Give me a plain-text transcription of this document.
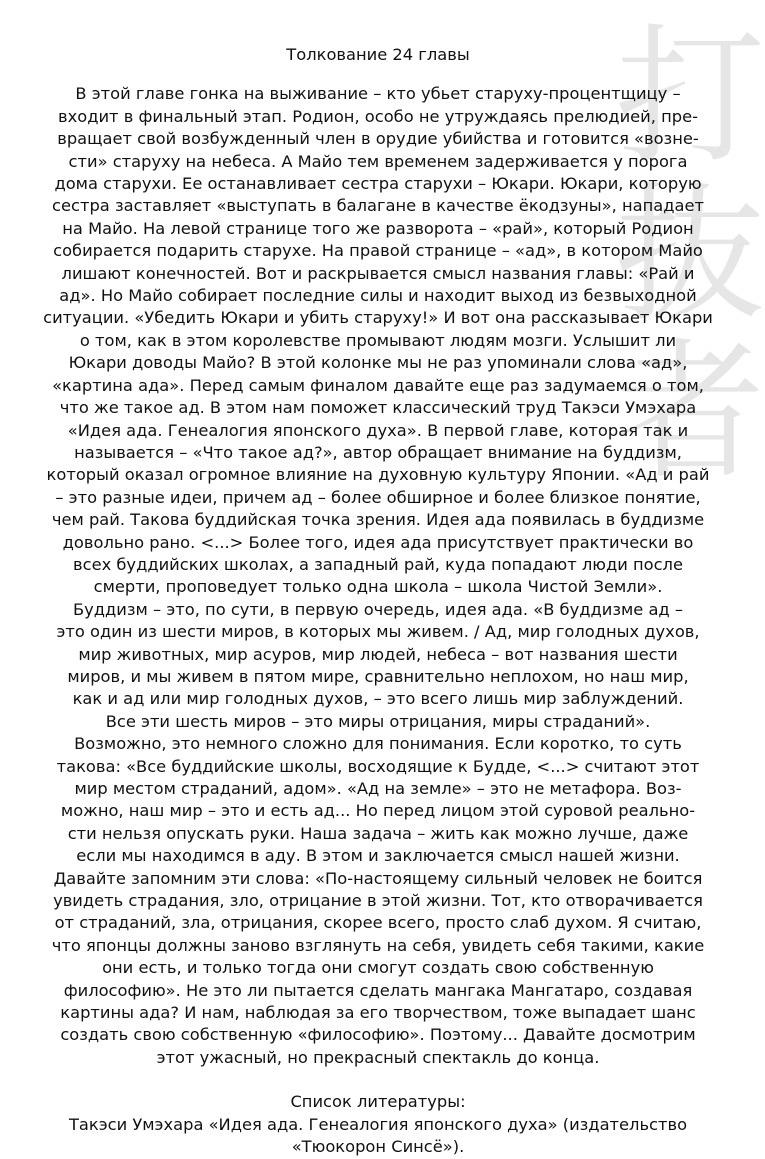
打
抜
者
Толкование 24 главы
В этой главе гонка на выживание – кто убьет старуху-процентщицу –
входит в финальный этап. Родион, особо не утруждаясь прелюдией, пре-
вращает свой возбужденный член в орудие убийства и готовится «возне-
сти» старуху на небеса. А Майо тем временем задерживается у порога
дома старухи. Ее останавливает сестра старухи – Юкари. Юкари, которую
сестра заставляет «выступать в балагане в качестве ёкодзуны», нападает
на Майо. На левой странице того же разворота – «рай», который Родион
собирается подарить старухе. На правой странице – «ад», в котором Майо
лишают конечностей. Вот и раскрывается смысл названия главы: «Рай и
ад». Но Майо собирает последние силы и находит выход из безвыходной
ситуации. «Убедить Юкари и убить старуху!» И вот она рассказывает Юкари
о том, как в этом королевстве промывают людям мозги. Услышит ли
Юкари доводы Майо? В этой колонке мы не раз упоминали слова «ад»,
«картина ада». Перед самым финалом давайте еще раз задумаемся о том,
что же такое ад. В этом нам поможет классический труд Такэси Умэхара
«Идея ада. Генеалогия японского духа». В первой главе, которая так и
называется – «Что такое ад?», автор обращает внимание на буддизм,
который оказал огромное влияние на духовную культуру Японии. «Ад и рай
– это разные идеи, причем ад – более обширное и более близкое понятие,
чем рай. Такова буддийская точка зрения. Идея ада появилась в буддизме
довольно рано. <...> Более того, идея ада присутствует практически во
всех буддийских школах, а западный рай, куда попадают люди после
смерти, проповедует только одна школа – школа Чистой Земли».
Буддизм – это, по сути, в первую очередь, идея ада. «В буддизме ад –
это один из шести миров, в которых мы живем. / Ад, мир голодных духов,
мир животных, мир асуров, мир людей, небеса – вот названия шести
миров, и мы живем в пятом мире, сравнительно неплохом, но наш мир,
как и ад или мир голодных духов, – это всего лишь мир заблуждений.
Все эти шесть миров – это миры отрицания, миры страданий».
Возможно, это немного сложно для понимания. Если коротко, то суть
такова: «Все буддийские школы, восходящие к Будде, <...> считают этот
мир местом страданий, адом». «Ад на земле» – это не метафора. Воз-
можно, наш мир – это и есть ад... Но перед лицом этой суровой реально-
сти нельзя опускать руки. Наша задача – жить как можно лучше, даже
если мы находимся в аду. В этом и заключается смысл нашей жизни.
Давайте запомним эти слова: «По-настоящему сильный человек не боится
увидеть страдания, зло, отрицание в этой жизни. Тот, кто отворачивается
от страданий, зла, отрицания, скорее всего, просто слаб духом. Я считаю,
что японцы должны заново взглянуть на себя, увидеть себя такими, какие
они есть, и только тогда они смогут создать свою собственную
философию». Не это ли пытается сделать мангака Мангатаро, создавая
картины ада? И нам, наблюдая за его творчеством, тоже выпадает шанс
создать свою собственную «философию». Поэтому... Давайте досмотрим
этот ужасный, но прекрасный спектакль до конца.
Список литературы:
Такэси Умэхара «Идея ада. Генеалогия японского духа» (издательство
«Тюокорон Синсё»).
